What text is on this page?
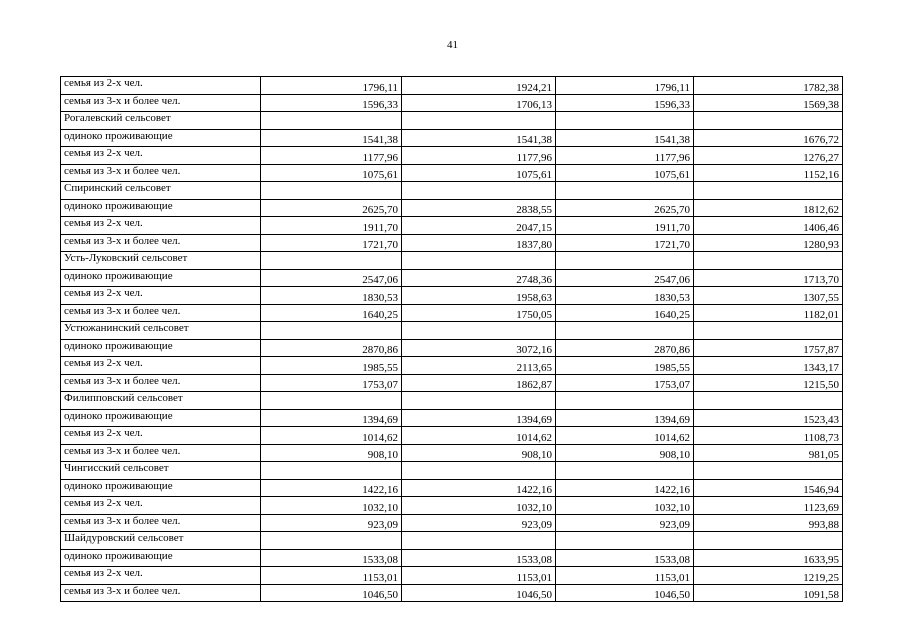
41
семья из 2-х чел.	1796,11	1924,21	1796,11	1782,38
семья из 3-х и более чел.	1596,33	1706,13	1596,33	1569,38
Рогалевский сельсовет				
одиноко проживающие	1541,38	1541,38	1541,38	1676,72
семья из 2-х чел.	1177,96	1177,96	1177,96	1276,27
семья из 3-х и более чел.	1075,61	1075,61	1075,61	1152,16
Спиринский сельсовет				
одиноко проживающие	2625,70	2838,55	2625,70	1812,62
семья из 2-х чел.	1911,70	2047,15	1911,70	1406,46
семья из 3-х и более чел.	1721,70	1837,80	1721,70	1280,93
Усть-Луковский сельсовет				
одиноко проживающие	2547,06	2748,36	2547,06	1713,70
семья из 2-х чел.	1830,53	1958,63	1830,53	1307,55
семья из 3-х и более чел.	1640,25	1750,05	1640,25	1182,01
Устюжанинский сельсовет				
одиноко проживающие	2870,86	3072,16	2870,86	1757,87
семья из 2-х чел.	1985,55	2113,65	1985,55	1343,17
семья из 3-х и более чел.	1753,07	1862,87	1753,07	1215,50
Филипповский сельсовет				
одиноко проживающие	1394,69	1394,69	1394,69	1523,43
семья из 2-х чел.	1014,62	1014,62	1014,62	1108,73
семья из 3-х и более чел.	908,10	908,10	908,10	981,05
Чингисский сельсовет				
одиноко проживающие	1422,16	1422,16	1422,16	1546,94
семья из 2-х чел.	1032,10	1032,10	1032,10	1123,69
семья из 3-х и более чел.	923,09	923,09	923,09	993,88
Шайдуровский сельсовет				
одиноко проживающие	1533,08	1533,08	1533,08	1633,95
семья из 2-х чел.	1153,01	1153,01	1153,01	1219,25
семья из 3-х и более чел.	1046,50	1046,50	1046,50	1091,58
